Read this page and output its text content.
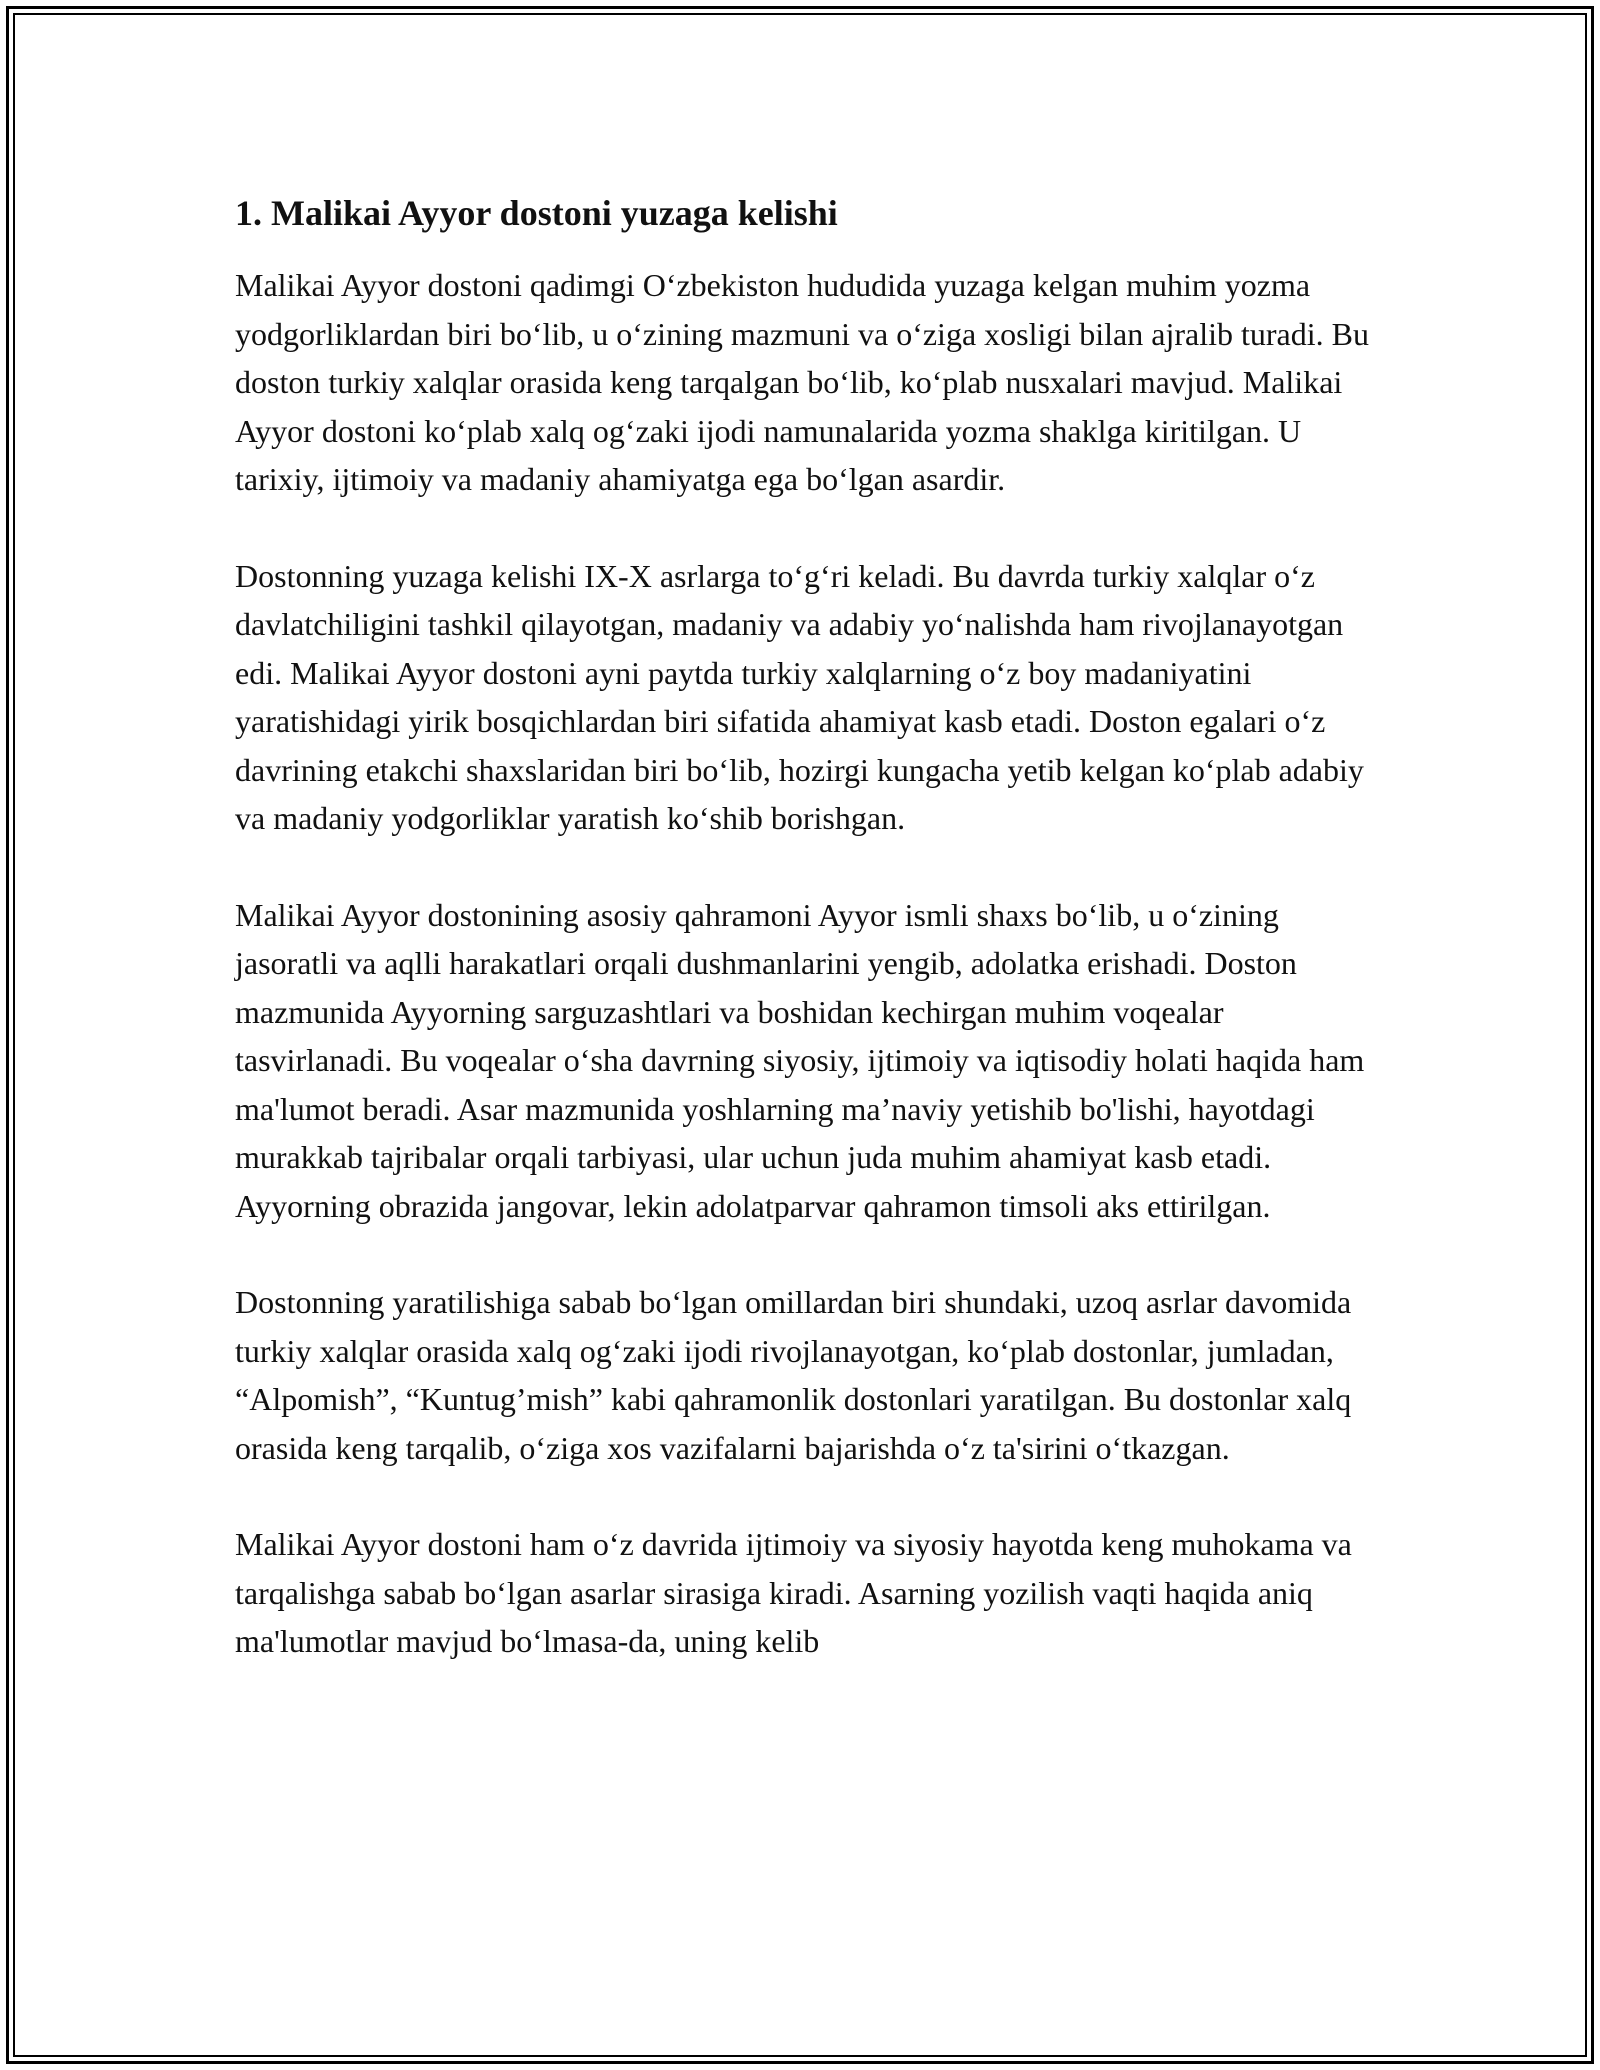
1. Malikai Ayyor dostoni yuzaga kelishi

Malikai Ayyor dostoni qadimgi O‘zbekiston hududida yuzaga kelgan muhim yozma yodgorliklardan biri bo‘lib, u o‘zining mazmuni va o‘ziga xosligi bilan ajralib turadi. Bu doston turkiy xalqlar orasida keng tarqalgan bo‘lib, ko‘plab nusxalari mavjud. Malikai Ayyor dostoni ko‘plab xalq og‘zaki ijodi namunalarida yozma shaklga kiritilgan. U tarixiy, ijtimoiy va madaniy ahamiyatga ega bo‘lgan asardir.

Dostonning yuzaga kelishi IX-X asrlarga to‘g‘ri keladi. Bu davrda turkiy xalqlar o‘z davlatchiligini tashkil qilayotgan, madaniy va adabiy yo‘nalishda ham rivojlanayotgan edi. Malikai Ayyor dostoni ayni paytda turkiy xalqlarning o‘z boy madaniyatini yaratishidagi yirik bosqichlardan biri sifatida ahamiyat kasb etadi. Doston egalari o‘z davrining etakchi shaxslaridan biri bo‘lib, hozirgi kungacha yetib kelgan ko‘plab adabiy va madaniy yodgorliklar yaratish ko‘shib borishgan.

Malikai Ayyor dostonining asosiy qahramoni Ayyor ismli shaxs bo‘lib, u o‘zining jasoratli va aqlli harakatlari orqali dushmanlarini yengib, adolatka erishadi. Doston mazmunida Ayyorning sarguzashtlari va boshidan kechirgan muhim voqealar tasvirlanadi. Bu voqealar o‘sha davrning siyosiy, ijtimoiy va iqtisodiy holati haqida ham ma'lumot beradi. Asar mazmunida yoshlarning ma’naviy yetishib bo'lishi, hayotdagi murakkab tajribalar orqali tarbiyasi, ular uchun juda muhim ahamiyat kasb etadi. Ayyorning obrazida jangovar, lekin adolatparvar qahramon timsoli aks ettirilgan.

Dostonning yaratilishiga sabab bo‘lgan omillardan biri shundaki, uzoq asrlar davomida turkiy xalqlar orasida xalq og‘zaki ijodi rivojlanayotgan, ko‘plab dostonlar, jumladan, “Alpomish”, “Kuntug’mish” kabi qahramonlik dostonlari yaratilgan. Bu dostonlar xalq orasida keng tarqalib, o‘ziga xos vazifalarni bajarishda o‘z ta'sirini o‘tkazgan.

Malikai Ayyor dostoni ham o‘z davrida ijtimoiy va siyosiy hayotda keng muhokama va tarqalishga sabab bo‘lgan asarlar sirasiga kiradi. Asarning yozilish vaqti haqida aniq ma'lumotlar mavjud bo‘lmasa-da, uning kelib
